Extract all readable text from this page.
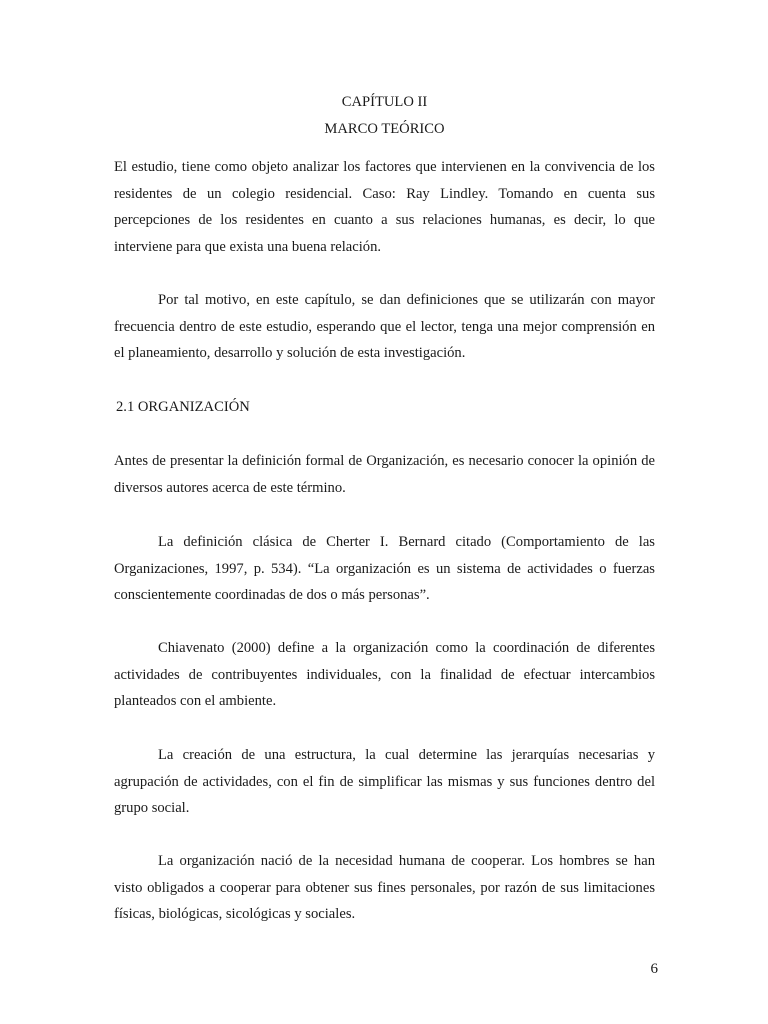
CAPÍTULO II
MARCO TEÓRICO
El estudio, tiene como objeto analizar los factores que intervienen en la convivencia de los residentes de un colegio residencial. Caso: Ray Lindley. Tomando en cuenta sus percepciones de los residentes en cuanto a sus relaciones humanas, es decir, lo que interviene para que exista una buena relación.
Por tal motivo, en este capítulo, se dan definiciones que se utilizarán con mayor frecuencia dentro de este estudio, esperando que el lector, tenga una mejor comprensión en el planeamiento, desarrollo y solución de esta investigación.
2.1 ORGANIZACIÓN
Antes de presentar la definición formal de Organización, es necesario conocer la opinión de diversos autores acerca de este término.
La definición clásica de Cherter I. Bernard citado (Comportamiento de las Organizaciones, 1997, p. 534). “La organización es un sistema de actividades o fuerzas conscientemente coordinadas de dos o más personas”.
Chiavenato (2000) define a la organización como la coordinación de diferentes actividades de contribuyentes individuales, con la finalidad de efectuar intercambios planteados con el ambiente.
La creación de una estructura, la cual determine las jerarquías necesarias y agrupación de actividades, con el fin de simplificar las mismas y sus funciones dentro del grupo social.
La organización nació de la necesidad humana de cooperar. Los hombres se han visto obligados a cooperar para obtener sus fines personales, por razón de sus limitaciones físicas, biológicas, sicológicas y sociales.
6
